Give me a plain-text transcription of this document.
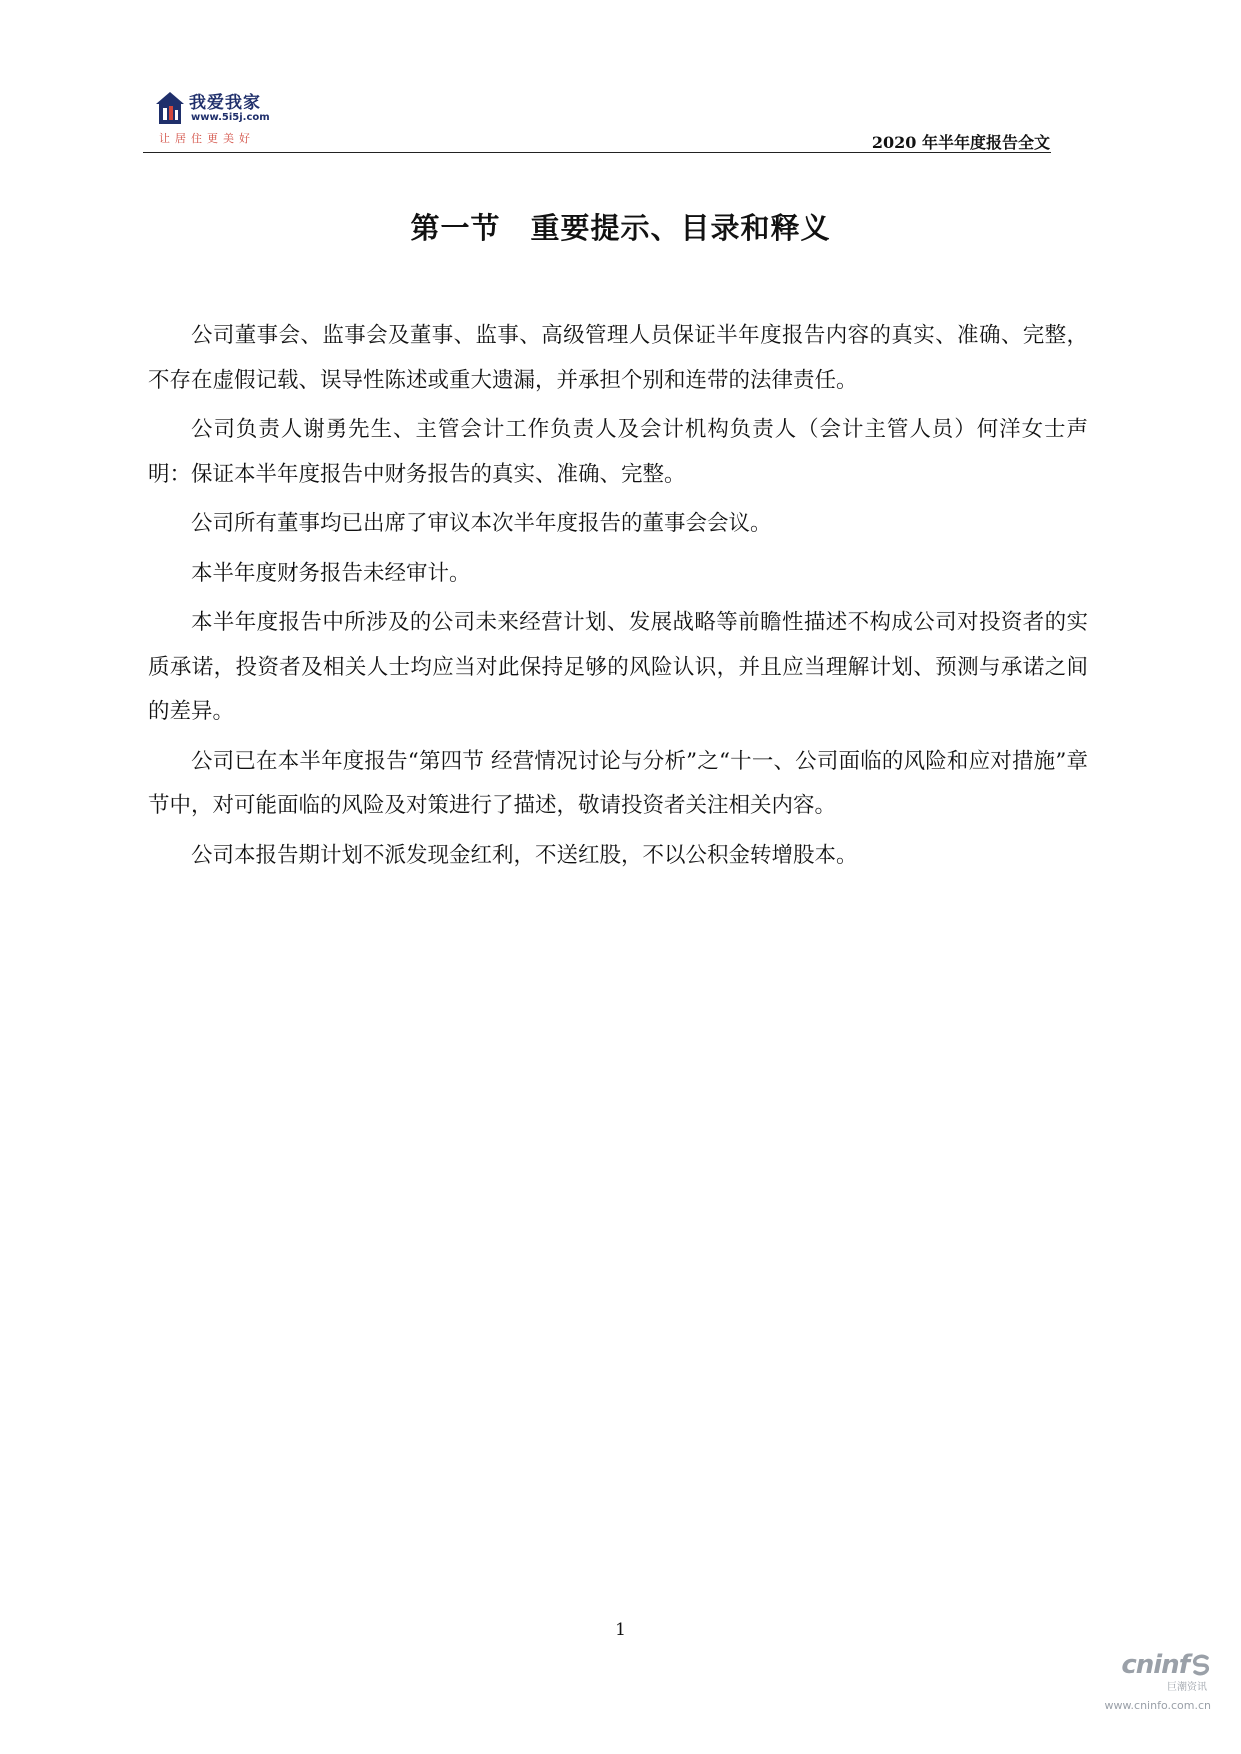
我爱我家
www.5i5j.com
让居住更美好	2020 年半年度报告全文
第一节　重要提示、目录和释义

公司董事会、监事会及董事、监事、高级管理人员保证半年度报告内容的真实、准确、完整，不存在虚假记载、误导性陈述或重大遗漏，并承担个别和连带的法律责任。

公司负责人谢勇先生、主管会计工作负责人及会计机构负责人（会计主管人员）何洋女士声明：保证本半年度报告中财务报告的真实、准确、完整。

公司所有董事均已出席了审议本次半年度报告的董事会会议。

本半年度财务报告未经审计。

本半年度报告中所涉及的公司未来经营计划、发展战略等前瞻性描述不构成公司对投资者的实质承诺，投资者及相关人士均应当对此保持足够的风险认识，并且应当理解计划、预测与承诺之间的差异。

公司已在本半年度报告“第四节 经营情况讨论与分析”之“十一、公司面临的风险和应对措施”章节中，对可能面临的风险及对策进行了描述，敬请投资者关注相关内容。

公司本报告期计划不派发现金红利，不送红股，不以公积金转增股本。

1
cninf
巨潮资讯
www.cninfo.com.cn
